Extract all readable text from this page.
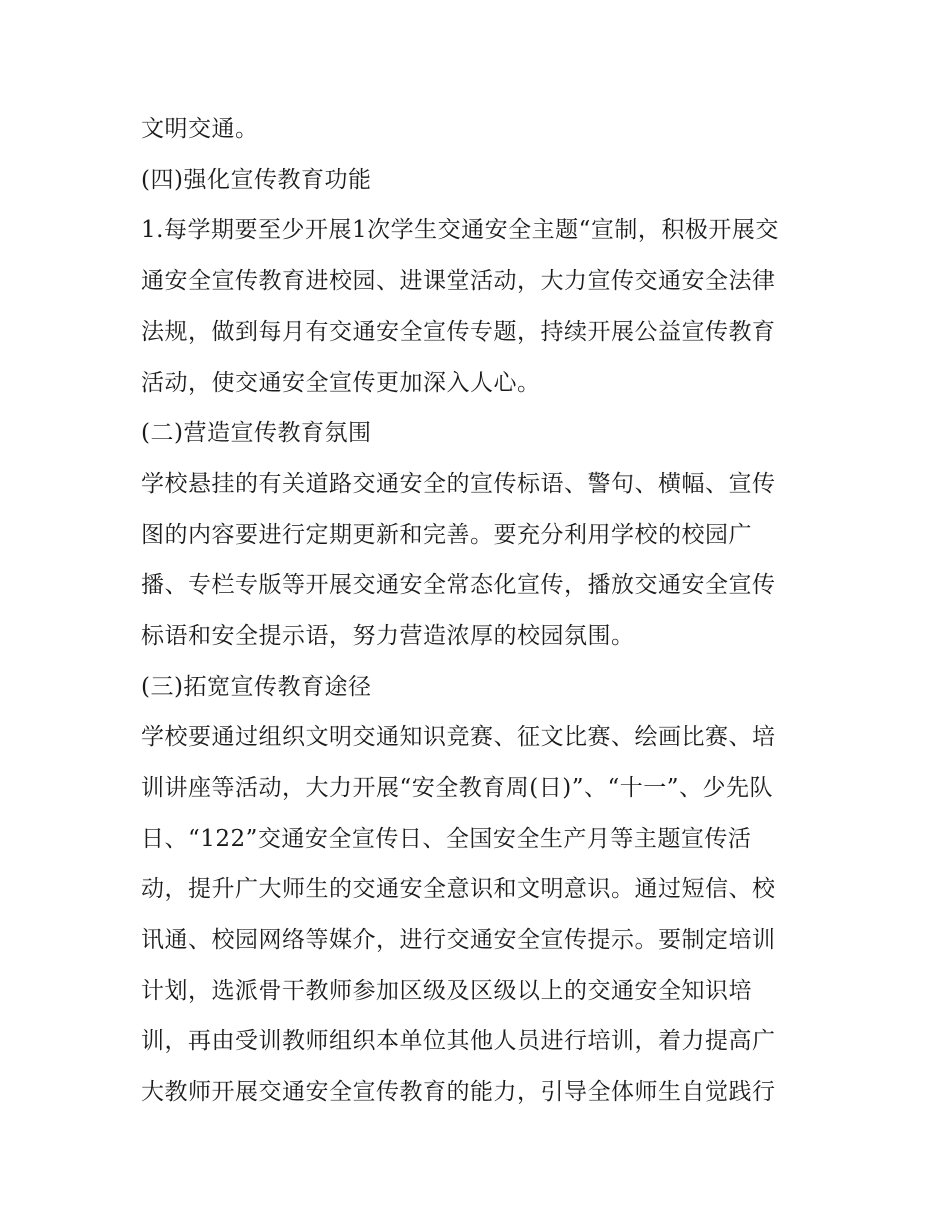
文明交通。
(四)强化宣传教育功能
1.每学期要至少开展1次学生交通安全主题“宣制，积极开展交
通安全宣传教育进校园、进课堂活动，大力宣传交通安全法律
法规，做到每月有交通安全宣传专题，持续开展公益宣传教育
活动，使交通安全宣传更加深入人心。
(二)营造宣传教育氛围
学校悬挂的有关道路交通安全的宣传标语、警句、横幅、宣传
图的内容要进行定期更新和完善。要充分利用学校的校园广
播、专栏专版等开展交通安全常态化宣传，播放交通安全宣传
标语和安全提示语，努力营造浓厚的校园氛围。
(三)拓宽宣传教育途径
学校要通过组织文明交通知识竞赛、征文比赛、绘画比赛、培
训讲座等活动，大力开展“安全教育周(日)”、“十一”、少先队
日、“122”交通安全宣传日、全国安全生产月等主题宣传活
动，提升广大师生的交通安全意识和文明意识。通过短信、校
讯通、校园网络等媒介，进行交通安全宣传提示。要制定培训
计划，选派骨干教师参加区级及区级以上的交通安全知识培
训，再由受训教师组织本单位其他人员进行培训，着力提高广
大教师开展交通安全宣传教育的能力，引导全体师生自觉践行
